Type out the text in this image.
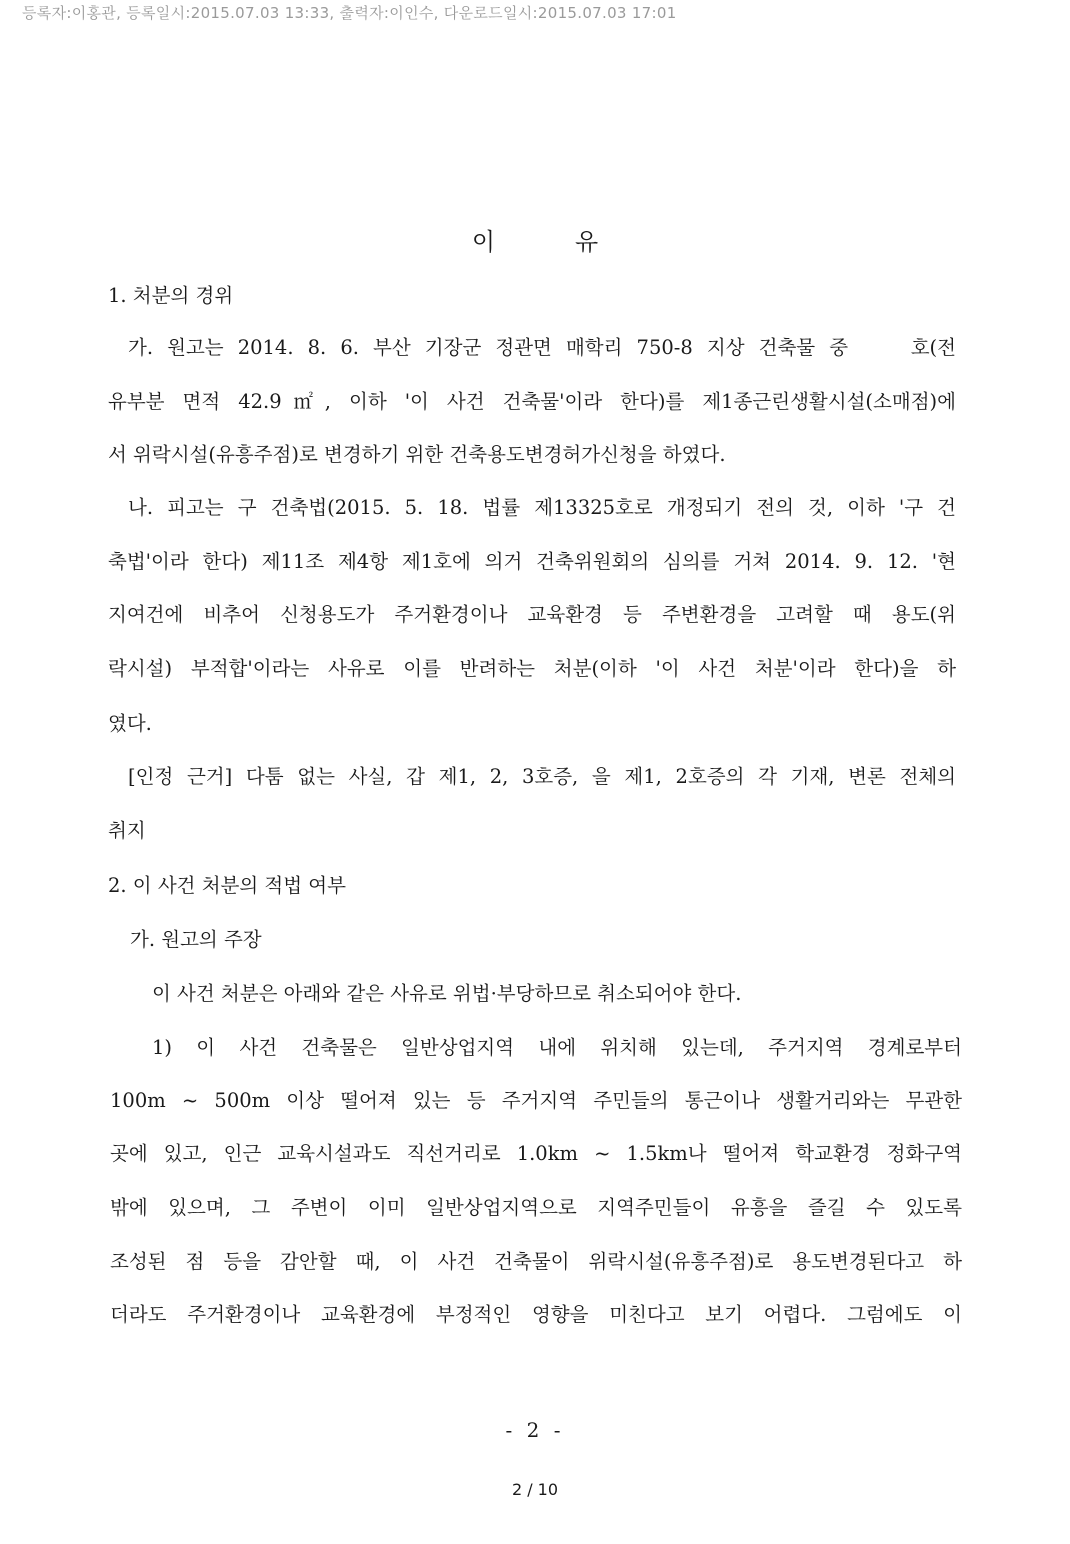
등록자:이홍관, 등록일시:2015.07.03 13:33, 출력자:이인수, 다운로드일시:2015.07.03 17:01
이	유
1. 처분의 경위
가. 원고는 2014. 8. 6. 부산 기장군 정관면 매학리 750-8 지상 건축물 중　　호(전
유부분 면적 42.9㎡, 이하 '이 사건 건축물'이라 한다)를 제1종근린생활시설(소매점)에
서 위락시설(유흥주점)로 변경하기 위한 건축용도변경허가신청을 하였다.
나. 피고는 구 건축법(2015. 5. 18. 법률 제13325호로 개정되기 전의 것, 이하 '구 건
축법'이라 한다) 제11조 제4항 제1호에 의거 건축위원회의 심의를 거쳐 2014. 9. 12. '현
지여건에 비추어 신청용도가 주거환경이나 교육환경 등 주변환경을 고려할 때 용도(위
락시설) 부적합'이라는 사유로 이를 반려하는 처분(이하 '이 사건 처분'이라 한다)을 하
였다.
[인정 근거] 다툼 없는 사실, 갑 제1, 2, 3호증, 을 제1, 2호증의 각 기재, 변론 전체의
취지
2. 이 사건 처분의 적법 여부
가. 원고의 주장
이 사건 처분은 아래와 같은 사유로 위법·부당하므로 취소되어야 한다.
1) 이 사건 건축물은 일반상업지역 내에 위치해 있는데, 주거지역 경계로부터
100m ~ 500m 이상 떨어져 있는 등 주거지역 주민들의 통근이나 생활거리와는 무관한
곳에 있고, 인근 교육시설과도 직선거리로 1.0km ~ 1.5km나 떨어져 학교환경 정화구역
밖에 있으며, 그 주변이 이미 일반상업지역으로 지역주민들이 유흥을 즐길 수 있도록
조성된 점 등을 감안할 때, 이 사건 건축물이 위락시설(유흥주점)로 용도변경된다고 하
더라도 주거환경이나 교육환경에 부정적인 영향을 미친다고 보기 어렵다. 그럼에도 이
- 2 -
2 / 10
